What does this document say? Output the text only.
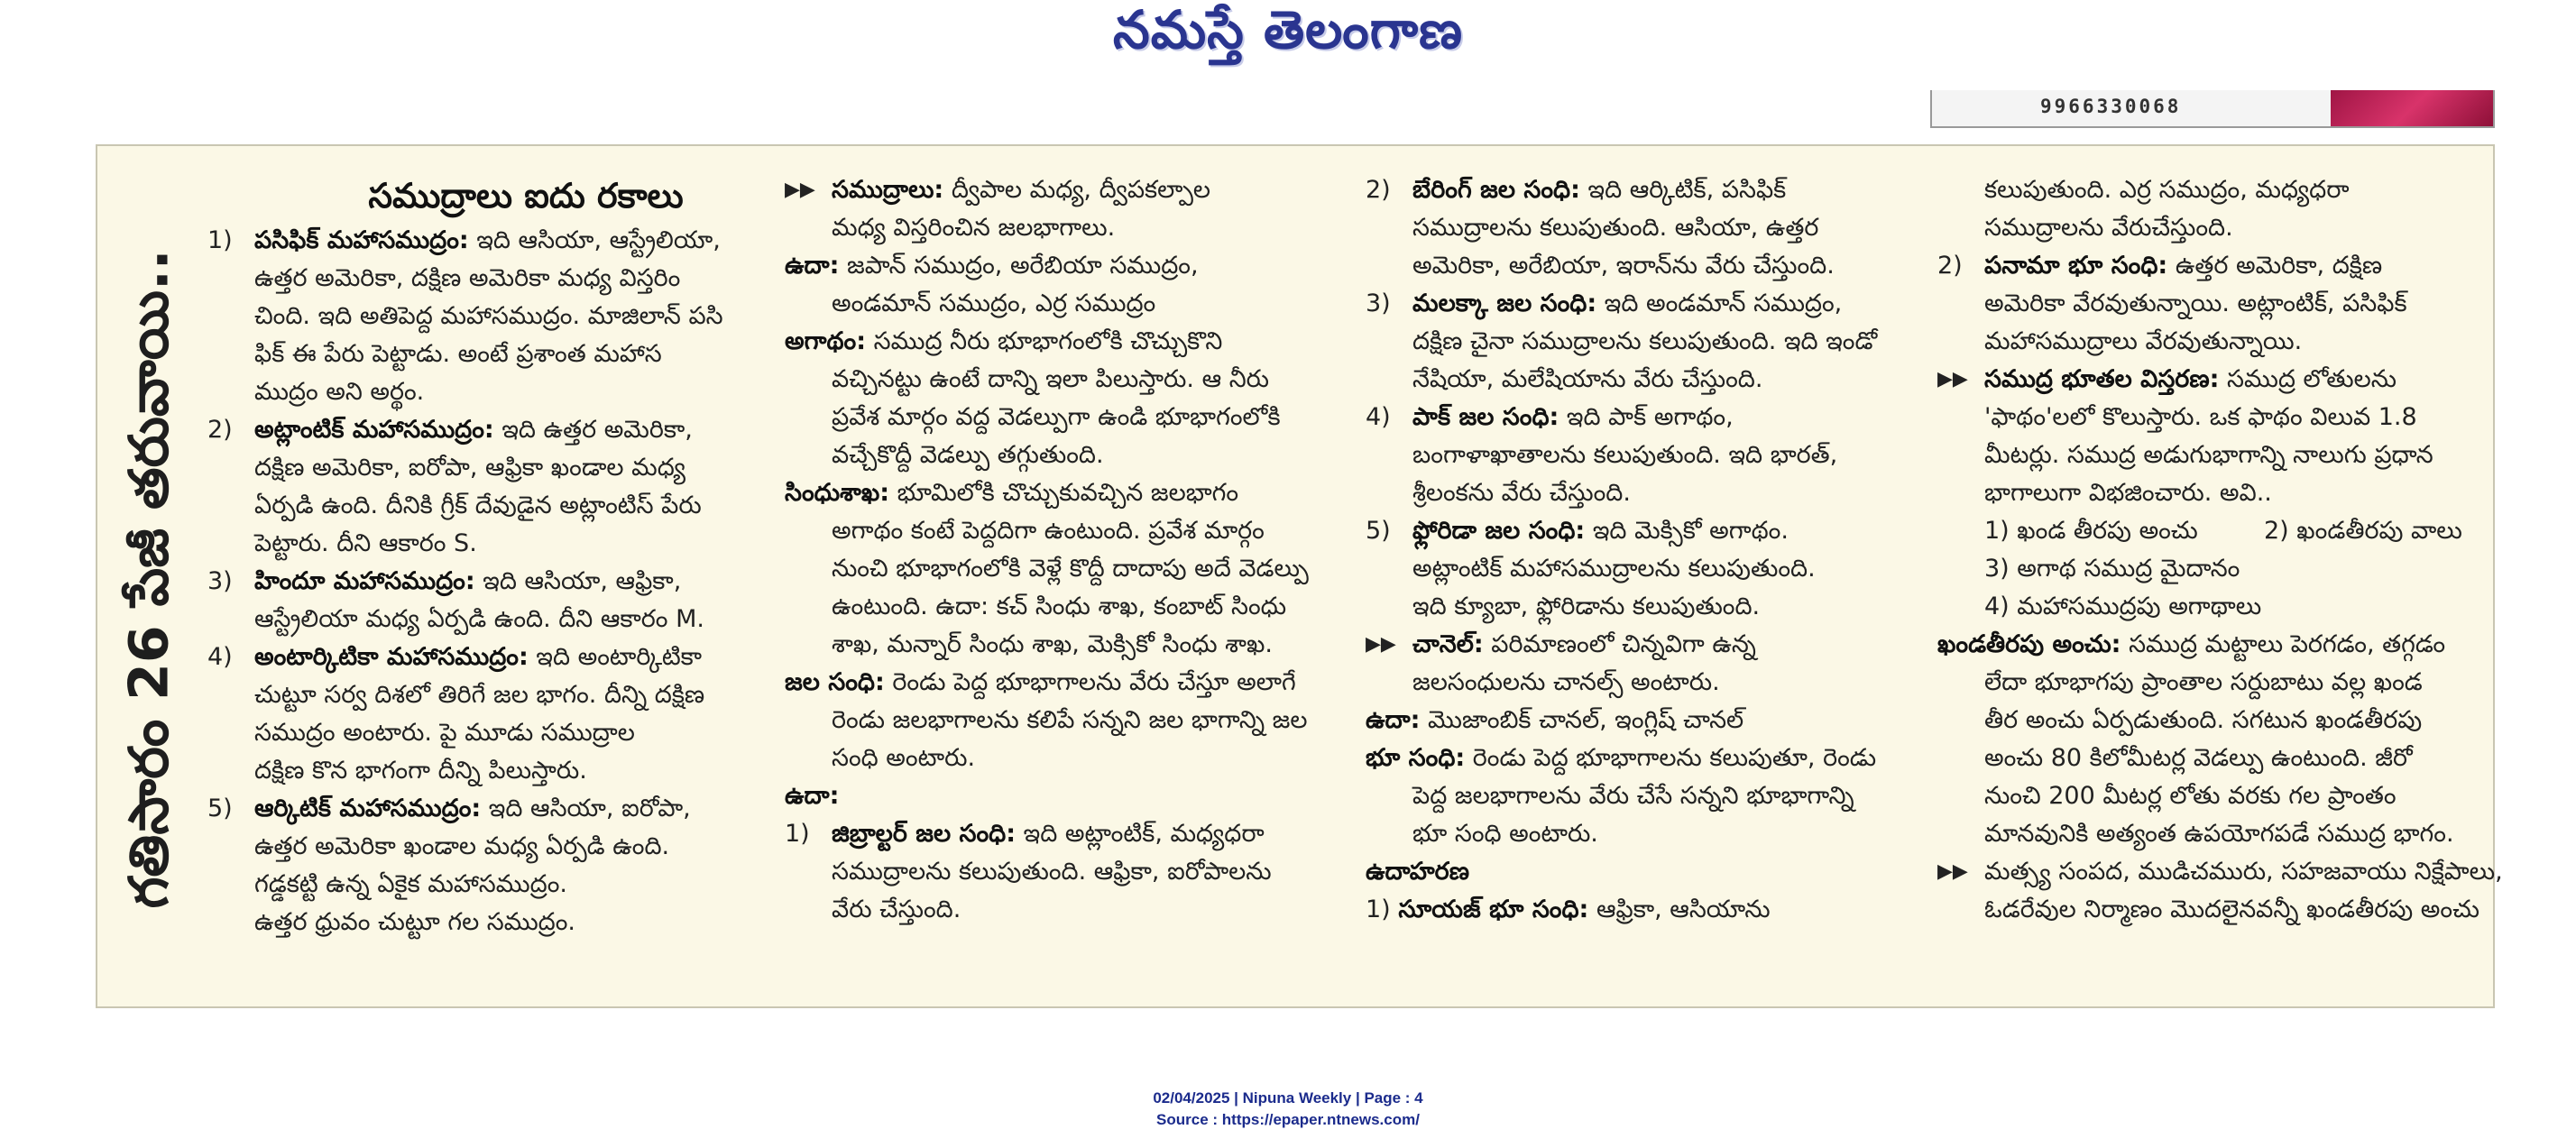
నమస్తే తెలంగాణ
9966330068
గతిసారం 26 పేజీ తరువాయి..
సముద్రాలు ఐదు రకాలు
1) పసిఫిక్ మహాసముద్రం: ఇది ఆసియా, ఆస్ట్రేలియా,
ఉత్తర అమెరికా, దక్షిణ అమెరికా మధ్య విస్తరిం
చింది. ఇది అతిపెద్ద మహాసముద్రం. మాజిలాన్ పసి
ఫిక్ ఈ పేరు పెట్టాడు. అంటే ప్రశాంత మహాస
ముద్రం అని అర్థం.
2) అట్లాంటిక్ మహాసముద్రం: ఇది ఉత్తర అమెరికా,
దక్షిణ అమెరికా, ఐరోపా, ఆఫ్రికా ఖండాల మధ్య
ఏర్పడి ఉంది. దీనికి గ్రీక్ దేవుడైన అట్లాంటిస్ పేరు
పెట్టారు. దీని ఆకారం S.
3) హిందూ మహాసముద్రం: ఇది ఆసియా, ఆఫ్రికా,
ఆస్ట్రేలియా మధ్య ఏర్పడి ఉంది. దీని ఆకారం M.
4) అంటార్కిటికా మహాసముద్రం: ఇది అంటార్కిటికా
చుట్టూ సర్వ దిశలో తిరిగే జల భాగం. దీన్ని దక్షిణ
సముద్రం అంటారు. పై మూడు సముద్రాల
దక్షిణ కొన భాగంగా దీన్ని పిలుస్తారు.
5) ఆర్కిటిక్ మహాసముద్రం: ఇది ఆసియా, ఐరోపా,
ఉత్తర అమెరికా ఖండాల మధ్య ఏర్పడి ఉంది.
గడ్డకట్టి ఉన్న ఏకైక మహాసముద్రం.
ఉత్తర ధ్రువం చుట్టూ గల సముద్రం.
▶▶ సముద్రాలు: ద్వీపాల మధ్య, ద్వీపకల్పాల
మధ్య విస్తరించిన జలభాగాలు.
ఉదా: జపాన్ సముద్రం, అరేబియా సముద్రం,
అండమాన్ సముద్రం, ఎర్ర సముద్రం
అగాథం: సముద్ర నీరు భూభాగంలోకి చొచ్చుకొని
వచ్చినట్టు ఉంటే దాన్ని ఇలా పిలుస్తారు. ఆ నీరు
ప్రవేశ మార్గం వద్ద వెడల్పుగా ఉండి భూభాగంలోకి
వచ్చేకొద్దీ వెడల్పు తగ్గుతుంది.
సింధుశాఖ: భూమిలోకి చొచ్చుకువచ్చిన జలభాగం
అగాథం కంటే పెద్దదిగా ఉంటుంది. ప్రవేశ మార్గం
నుంచి భూభాగంలోకి వెళ్లే కొద్దీ దాదాపు అదే వెడల్పు
ఉంటుంది. ఉదా: కచ్ సింధు శాఖ, కంబాట్ సింధు
శాఖ, మన్నార్ సింధు శాఖ, మెక్సికో సింధు శాఖ.
జల సంధి: రెండు పెద్ద భూభాగాలను వేరు చేస్తూ అలాగే
రెండు జలభాగాలను కలిపే సన్నని జల భాగాన్ని జల
సంధి అంటారు.
ఉదా:
1) జిబ్రాల్టర్ జల సంధి: ఇది అట్లాంటిక్, మధ్యధరా
సముద్రాలను కలుపుతుంది. ఆఫ్రికా, ఐరోపాలను
వేరు చేస్తుంది.
2) బేరింగ్ జల సంధి: ఇది ఆర్కిటిక్, పసిఫిక్
సముద్రాలను కలుపుతుంది. ఆసియా, ఉత్తర
అమెరికా, అరేబియా, ఇరాన్‌ను వేరు చేస్తుంది.
3) మలక్కా జల సంధి: ఇది అండమాన్ సముద్రం,
దక్షిణ చైనా సముద్రాలను కలుపుతుంది. ఇది ఇండో
నేషియా, మలేషియాను వేరు చేస్తుంది.
4) పాక్ జల సంధి: ఇది పాక్ అగాథం,
బంగాళాఖాతాలను కలుపుతుంది. ఇది భారత్,
శ్రీలంకను వేరు చేస్తుంది.
5) ఫ్లోరిడా జల సంధి: ఇది మెక్సికో అగాథం.
అట్లాంటిక్ మహాసముద్రాలను కలుపుతుంది.
ఇది క్యూబా, ఫ్లోరిడాను కలుపుతుంది.
▶▶ చానెల్: పరిమాణంలో చిన్నవిగా ఉన్న
జలసంధులను చానల్స్ అంటారు.
ఉదా: మొజాంబిక్ చానల్, ఇంగ్లిష్ చానల్
భూ సంధి: రెండు పెద్ద భూభాగాలను కలుపుతూ, రెండు
పెద్ద జలభాగాలను వేరు చేసే సన్నని భూభాగాన్ని
భూ సంధి అంటారు.
ఉదాహరణ
1) సూయజ్ భూ సంధి: ఆఫ్రికా, ఆసియాను
కలుపుతుంది. ఎర్ర సముద్రం, మధ్యధరా
సముద్రాలను వేరుచేస్తుంది.
2) పనామా భూ సంధి: ఉత్తర అమెరికా, దక్షిణ
అమెరికా వేరవుతున్నాయి. అట్లాంటిక్, పసిఫిక్
మహాసముద్రాలు వేరవుతున్నాయి.
▶▶ సముద్ర భూతల విస్తరణ: సముద్ర లోతులను
'ఫాథం'లలో కొలుస్తారు. ఒక ఫాథం విలువ 1.8
మీటర్లు. సముద్ర అడుగుభాగాన్ని నాలుగు ప్రధాన
భాగాలుగా విభజించారు. అవి..
1) ఖండ తీరపు అంచు	2) ఖండతీరపు వాలు
3) అగాథ సముద్ర మైదానం
4) మహాసముద్రపు అగాథాలు
ఖండతీరపు అంచు: సముద్ర మట్టాలు పెరగడం, తగ్గడం
లేదా భూభాగపు ప్రాంతాల సర్దుబాటు వల్ల ఖండ
తీర అంచు ఏర్పడుతుంది. సగటున ఖండతీరపు
అంచు 80 కిలోమీటర్ల వెడల్పు ఉంటుంది. జీరో
నుంచి 200 మీటర్ల లోతు వరకు గల ప్రాంతం
మానవునికి అత్యంత ఉపయోగపడే సముద్ర భాగం.
▶▶ మత్స్య సంపద, ముడిచమురు, సహజవాయు నిక్షేపాలు,
ఓడరేవుల నిర్మాణం మొదలైనవన్నీ ఖండతీరపు అంచు
02/04/2025 | Nipuna Weekly | Page : 4
Source : https://epaper.ntnews.com/
